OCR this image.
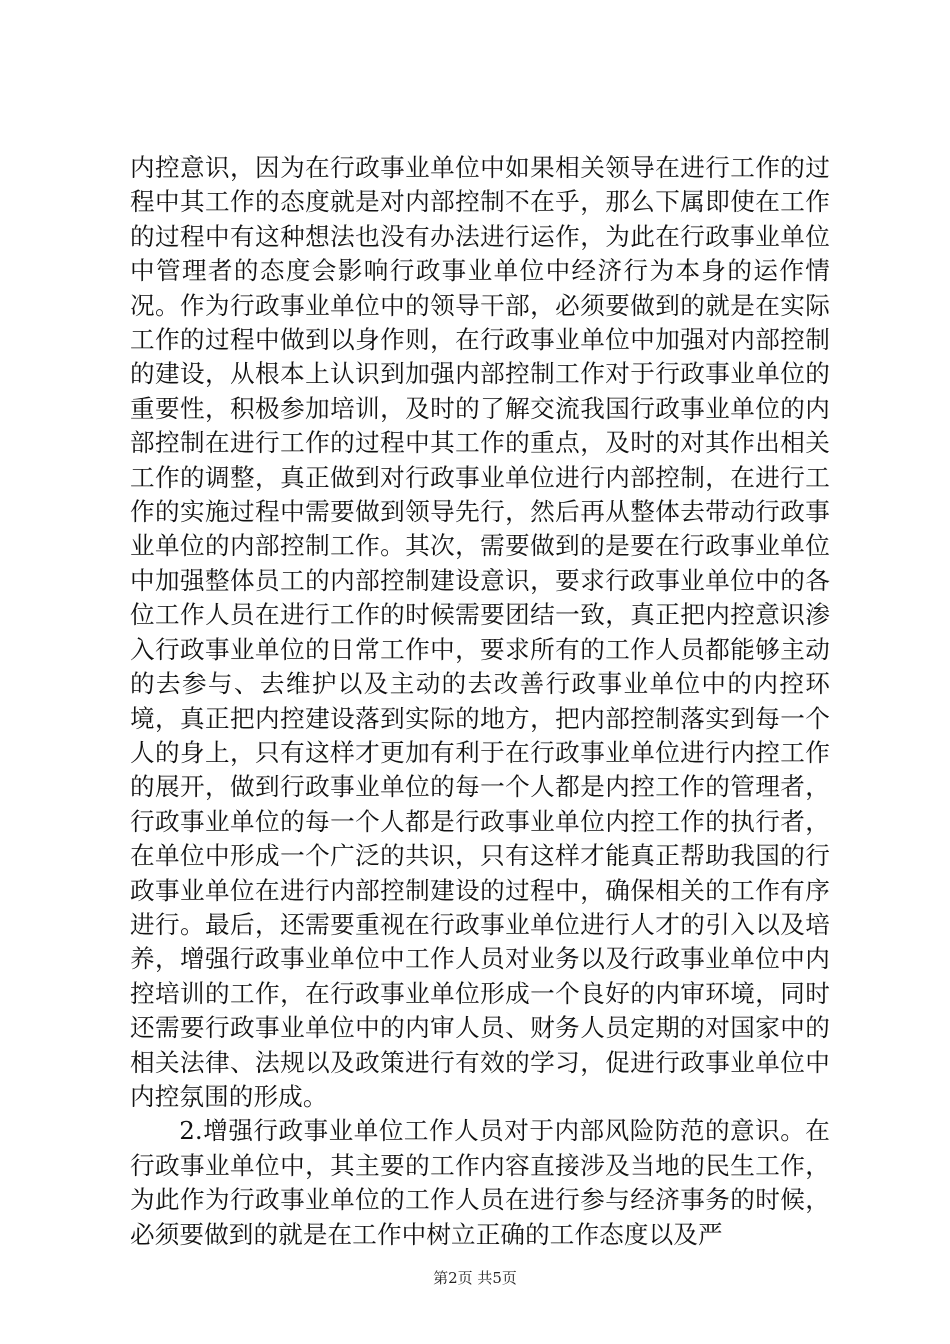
内控意识，因为在行政事业单位中如果相关领导在进行工作的过程中其工作的态度就是对内部控制不在乎，那么下属即使在工作的过程中有这种想法也没有办法进行运作，为此在行政事业单位中管理者的态度会影响行政事业单位中经济行为本身的运作情况。作为行政事业单位中的领导干部，必须要做到的就是在实际工作的过程中做到以身作则，在行政事业单位中加强对内部控制的建设，从根本上认识到加强内部控制工作对于行政事业单位的重要性，积极参加培训，及时的了解交流我国行政事业单位的内部控制在进行工作的过程中其工作的重点，及时的对其作出相关工作的调整，真正做到对行政事业单位进行内部控制，在进行工作的实施过程中需要做到领导先行，然后再从整体去带动行政事业单位的内部控制工作。其次，需要做到的是要在行政事业单位中加强整体员工的内部控制建设意识，要求行政事业单位中的各位工作人员在进行工作的时候需要团结一致，真正把内控意识渗入行政事业单位的日常工作中，要求所有的工作人员都能够主动的去参与、去维护以及主动的去改善行政事业单位中的内控环境，真正把内控建设落到实际的地方，把内部控制落实到每一个人的身上，只有这样才更加有利于在行政事业单位进行内控工作的展开，做到行政事业单位的每一个人都是内控工作的管理者，行政事业单位的每一个人都是行政事业单位内控工作的执行者，在单位中形成一个广泛的共识，只有这样才能真正帮助我国的行政事业单位在进行内部控制建设的过程中，确保相关的工作有序进行。最后，还需要重视在行政事业单位进行人才的引入以及培养，增强行政事业单位中工作人员对业务以及行政事业单位中内控培训的工作，在行政事业单位形成一个良好的内审环境，同时还需要行政事业单位中的内审人员、财务人员定期的对国家中的相关法律、法规以及政策进行有效的学习，促进行政事业单位中内控氛围的形成。

2.增强行政事业单位工作人员对于内部风险防范的意识。在行政事业单位中，其主要的工作内容直接涉及当地的民生工作，为此作为行政事业单位的工作人员在进行参与经济事务的时候，必须要做到的就是在工作中树立正确的工作态度以及严

第2页 共5页
